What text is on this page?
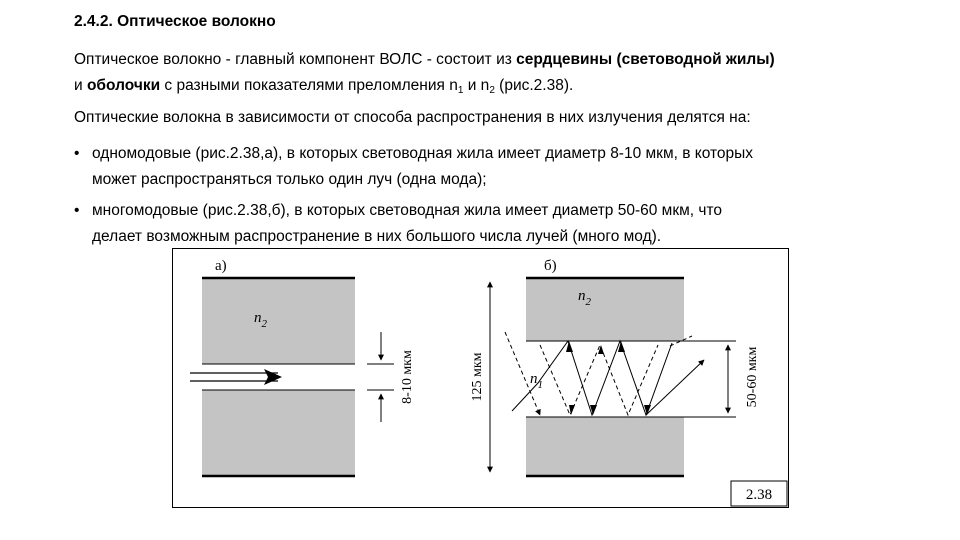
2.4.2. Оптическое волокно
Оптическое волокно - главный компонент ВОЛС - состоит из сердцевины (световодной жилы)
и оболочки с разными показателями преломления $n_1$ и $n_2$ (рис.2.38).
Оптические волокна в зависимости от способа распространения в них излучения делятся на:
• одномодовые (рис.2.38,а), в которых световодная жила имеет диаметр 8-10 мкм, в которых
может распространяться только один луч (одна мода);
• многомодовые (рис.2.38,б), в которых световодная жила имеет диаметр 50-60 мкм, что
делает возможным распространение в них большого числа лучей (много мод).
а)
$n_2$
8-10 мкм	125 мкм
б)
$n_2$
$n_1$	50-60 мкм
2.38
